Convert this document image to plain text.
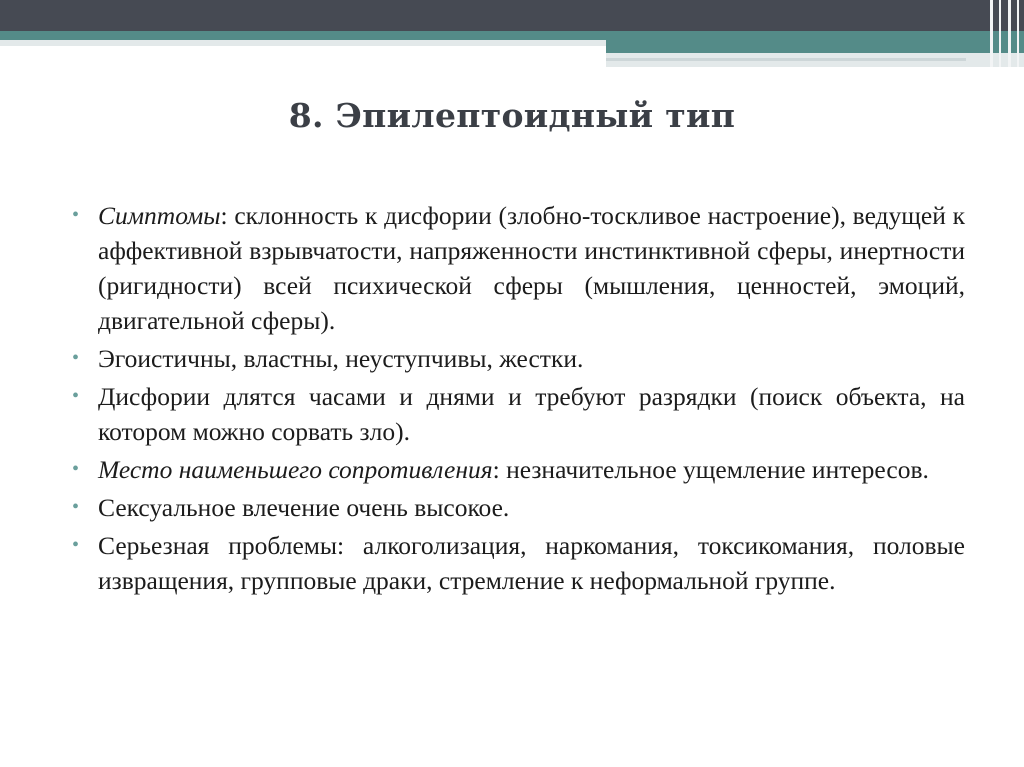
8. Эпилептоидный тип
• Симптомы: склонность к дисфории (злобно-тоскливое настроение), ведущей к аффективной взрывчатости, напряженности инстинктивной сферы, инертности (ригидности) всей психической сферы (мышления, ценностей, эмоций, двигательной сферы).
• Эгоистичны, властны, неуступчивы, жестки.
• Дисфории длятся часами и днями и требуют разрядки (поиск объекта, на котором можно сорвать зло).
• Место наименьшего сопротивления: незначительное ущемление интересов.
• Сексуальное влечение очень высокое.
• Серьезная проблемы: алкоголизация, наркомания, токсикомания, половые извращения, групповые драки, стремление к неформальной группе.
